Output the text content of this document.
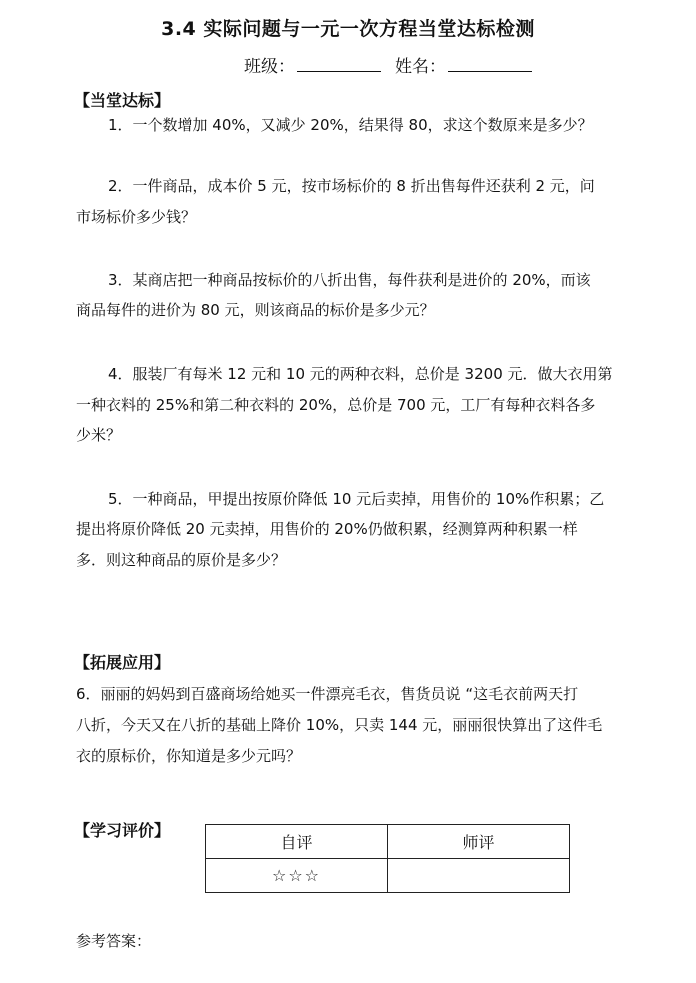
3.4 实际问题与一元一次方程当堂达标检测
班级：	姓名：
【当堂达标】
1．一个数增加 40%，又减少 20%，结果得 80，求这个数原来是多少？
2．一件商品，成本价 5 元，按市场标价的 8 折出售每件还获利 2 元，问
市场标价多少钱？
3．某商店把一种商品按标价的八折出售，每件获利是进价的 20%，而该
商品每件的进价为 80 元，则该商品的标价是多少元？
4．服装厂有每米 12 元和 10 元的两种衣料，总价是 3200 元．做大衣用第
一种衣料的 25%和第二种衣料的 20%，总价是 700 元，工厂有每种衣料各多
少米？
5．一种商品，甲提出按原价降低 10 元后卖掉，用售价的 10%作积累；乙
提出将原价降低 20 元卖掉，用售价的 20%仍做积累，经测算两种积累一样
多．则这种商品的原价是多少？
【拓展应用】
6．丽丽的妈妈到百盛商场给她买一件漂亮毛衣，售货员说 “这毛衣前两天打
八折，今天又在八折的基础上降价 10%，只卖 144 元，丽丽很快算出了这件毛
衣的原标价，你知道是多少元吗？
【学习评价】
自评	师评
☆☆☆	
参考答案：
